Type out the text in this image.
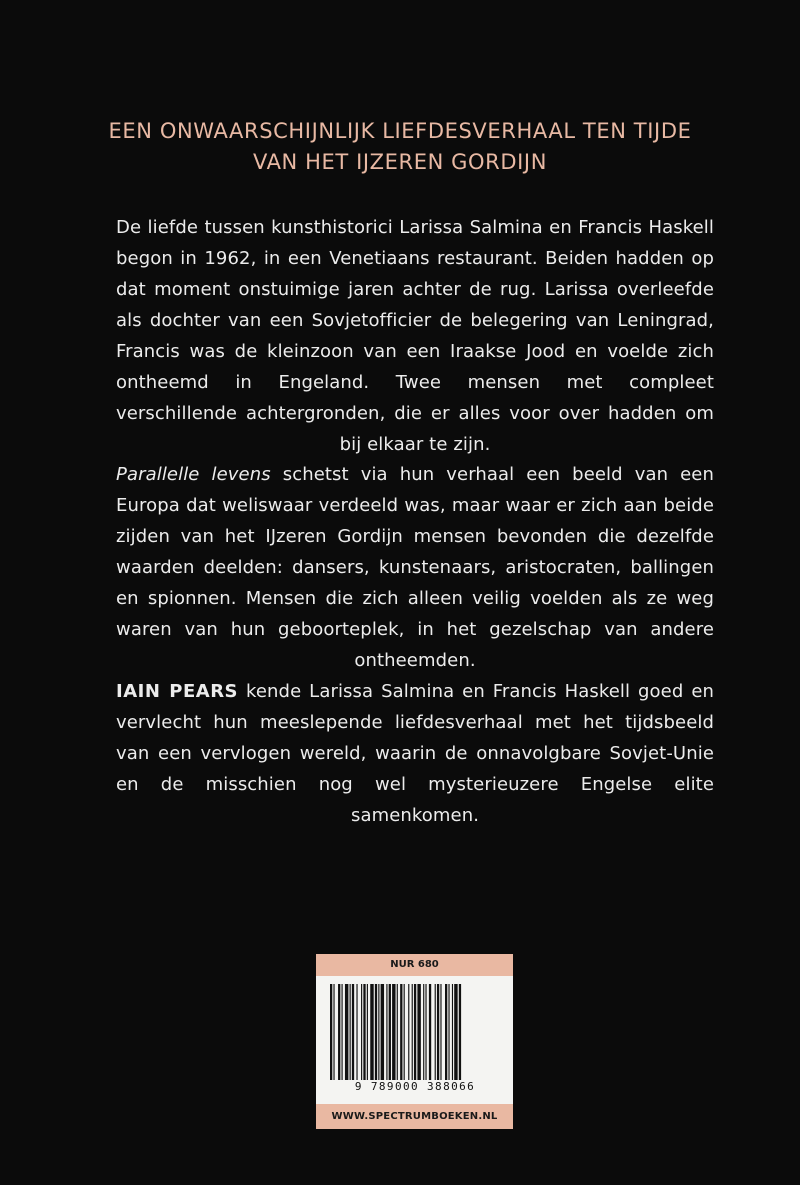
EEN ONWAARSCHIJNLIJK LIEFDESVERHAAL TEN TIJDE
VAN HET IJZEREN GORDIJN

De liefde tussen kunsthistorici Larissa Salmina en Francis Haskell begon in 1962, in een Venetiaans restaurant. Beiden hadden op dat moment onstuimige jaren achter de rug. Larissa overleefde als dochter van een Sovjetofficier de belegering van Leningrad, Francis was de kleinzoon van een Iraakse Jood en voelde zich ontheemd in Engeland. Twee mensen met compleet verschillende achtergronden, die er alles voor over hadden om bij elkaar te zijn.

Parallelle levens schetst via hun verhaal een beeld van een Europa dat weliswaar verdeeld was, maar waar er zich aan beide zijden van het IJzeren Gordijn mensen bevonden die dezelfde waarden deelden: dansers, kunstenaars, aristocraten, ballingen en spionnen. Mensen die zich alleen veilig voelden als ze weg waren van hun geboorteplek, in het gezelschap van andere ontheemden.

IAIN PEARS kende Larissa Salmina en Francis Haskell goed en vervlecht hun meeslepende liefdesverhaal met het tijdsbeeld van een vervlogen wereld, waarin de onnavolgbare Sovjet-Unie en de misschien nog wel mysterieuzere Engelse elite samenkomen.

NUR 680
9 789000 388066
WWW.SPECTRUMBOEKEN.NL
